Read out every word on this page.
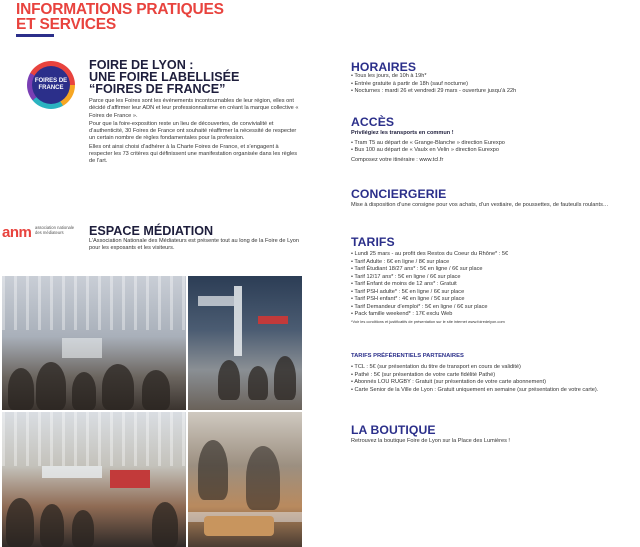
INFORMATIONS PRATIQUES
ET SERVICES
FOIRES DE FRANCE
FOIRE DE LYON :
UNE FOIRE LABELLISÉE
“FOIRES DE FRANCE”

Parce que les Foires sont les événements incontournables de leur région, elles ont décidé d’affirmer leur ADN et leur professionnalisme en créant la marque collective « Foires de France ».

Pour que la foire-exposition reste un lieu de découvertes, de convivialité et d’authenticité, 30 Foires de France ont souhaité réaffirmer la nécessité de respecter un certain nombre de règles fondamentales pour la profession.

Elles ont ainsi choisi d’adhérer à la Charte Foires de France, et s’engagent à respecter les 73 critères qui définissent une manifestation organisée dans les règles de l’art.

anm association nationale des médiateurs	ESPACE MÉDIATION
L’Association Nationale des Médiateurs est présente tout au long de la Foire de Lyon pour les exposants et les visiteurs.
HORAIRES
• Tous les jours, de 10h à 19h*
• Entrée gratuite à partir de 18h (sauf nocturne)
• Nocturnes : mardi 26 et vendredi 29 mars - ouverture jusqu’à 22h
ACCÈS
Privilégiez les transports en commun !
• Tram T5 au départ de « Grange-Blanche » direction Eurexpo
• Bus 100 au départ de « Vaulx en Velin » direction Eurexpo
Composez votre itinéraire : www.tcl.fr
CONCIERGERIE
Mise à disposition d’une consigne pour vos achats, d’un vestiaire, de poussettes, de fauteuils roulants…
TARIFS
• Lundi 25 mars - au profit des Restos du Coeur du Rhône* : 5€
• Tarif Adulte : 6€ en ligne / 8€ sur place
• Tarif Étudiant 18/27 ans* : 5€ en ligne / 6€ sur place
• Tarif 12/17 ans* : 5€ en ligne / 6€ sur place
• Tarif Enfant de moins de 12 ans* : Gratuit
• Tarif PSH adulte* : 5€ en ligne / 6€ sur place
• Tarif PSH enfant* : 4€ en ligne / 5€ sur place
• Tarif Demandeur d’emploi* : 5€ en ligne / 6€ sur place
• Pack famille weekend* : 17€ exclu Web
*Voir les conditions et justificatifs de présentation sur le site internet www.foiredelyon.com
TARIFS PRÉFÉRENTIELS PARTENAIRES
• TCL : 5€ (sur présentation du titre de transport en cours de validité)
• Pathé : 5€ (sur présentation de votre carte fidélité Pathé)
• Abonnés LOU RUGBY : Gratuit (sur présentation de votre carte abonnement)
• Carte Senior de la Ville de Lyon : Gratuit uniquement en semaine (sur présentation de votre carte).
LA BOUTIQUE
Retrouvez la boutique Foire de Lyon sur la Place des Lumières !
